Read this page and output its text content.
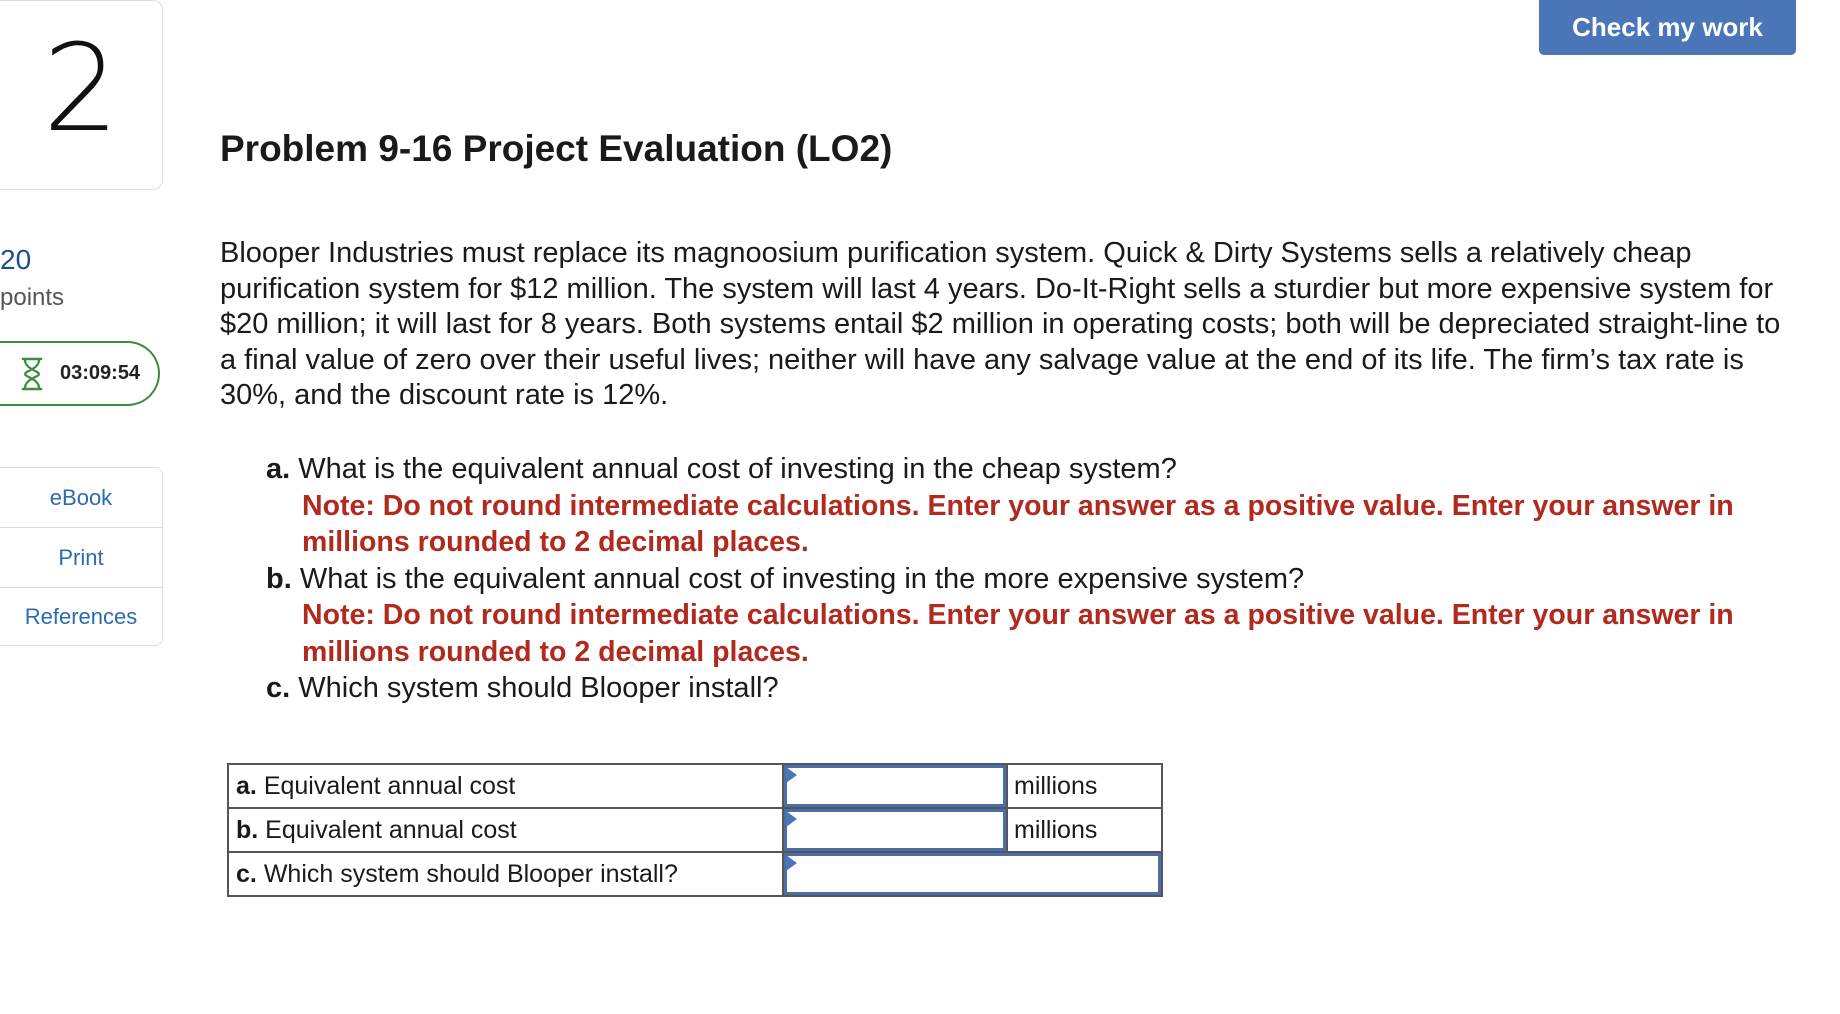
2
20
points
03:09:54
eBook
Print
References
Check my work
Problem 9-16 Project Evaluation (LO2)

Blooper Industries must replace its magnoosium purification system. Quick & Dirty Systems sells a relatively cheap purification system for $12 million. The system will last 4 years. Do-It-Right sells a sturdier but more expensive system for $20 million; it will last for 8 years. Both systems entail $2 million in operating costs; both will be depreciated straight-line to a final value of zero over their useful lives; neither will have any salvage value at the end of its life. The firm’s tax rate is 30%, and the discount rate is 12%.

a. What is the equivalent annual cost of investing in the cheap system?
Note: Do not round intermediate calculations. Enter your answer as a positive value. Enter your answer in millions rounded to 2 decimal places.
b. What is the equivalent annual cost of investing in the more expensive system?
Note: Do not round intermediate calculations. Enter your answer as a positive value. Enter your answer in millions rounded to 2 decimal places.
c. Which system should Blooper install?
a. Equivalent annual cost		millions
b. Equivalent annual cost		millions
c. Which system should Blooper install?	
